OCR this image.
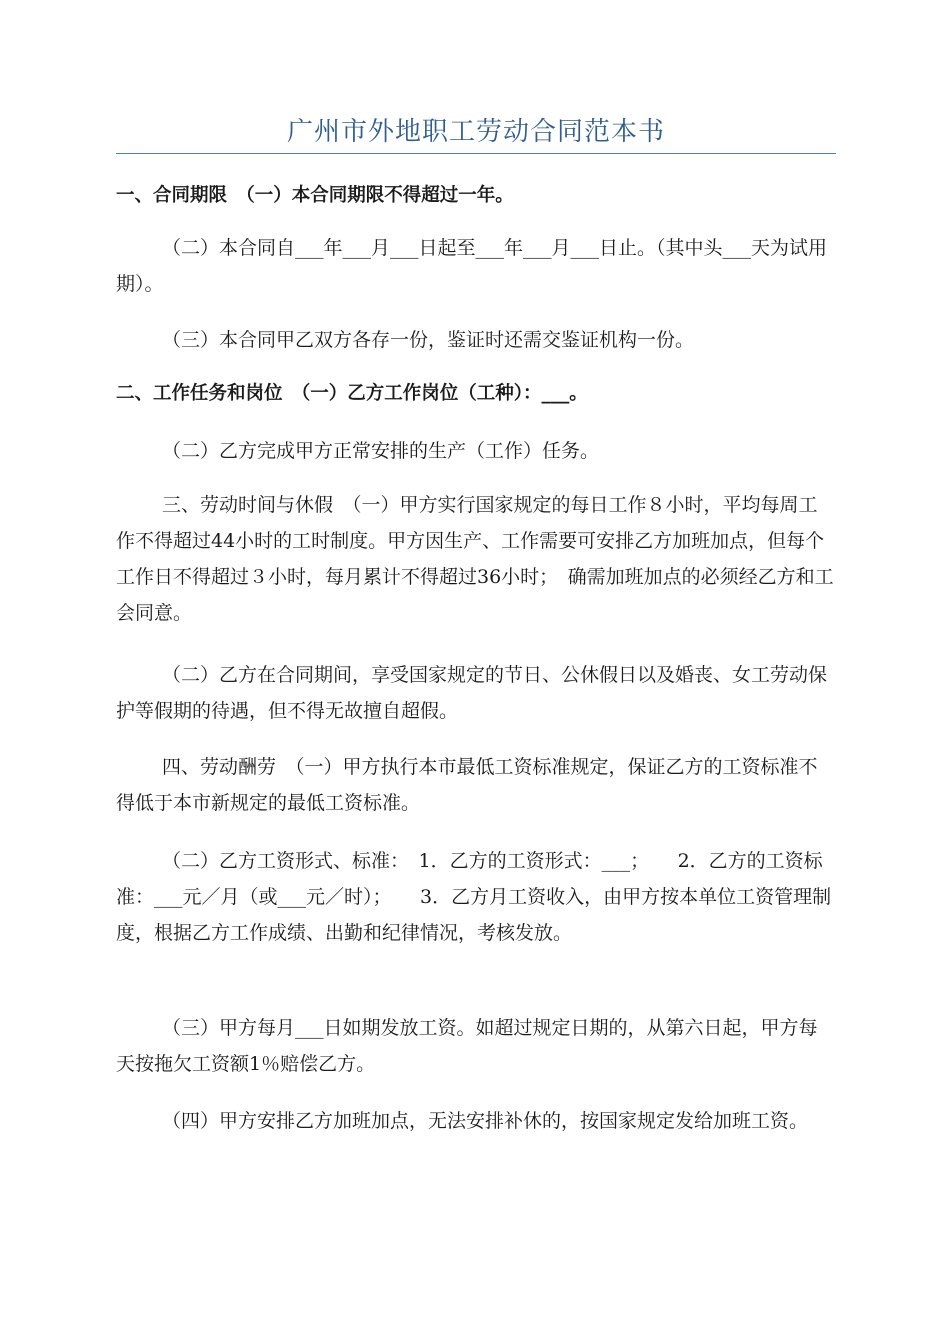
广州市外地职工劳动合同范本书

一、合同期限　（一）本合同期限不得超过一年。

（二）本合同自___年___月___日起至___年___月___日止。（其中头___天为试用期）。

（三）本合同甲乙双方各存一份，鉴证时还需交鉴证机构一份。

二、工作任务和岗位　（一）乙方工作岗位（工种）：___。

（二）乙方完成甲方正常安排的生产（工作）任务。

三、劳动时间与休假　（一）甲方实行国家规定的每日工作８小时，平均每周工作不得超过44小时的工时制度。甲方因生产、工作需要可安排乙方加班加点，但每个工作日不得超过３小时，每月累计不得超过36小时；　确需加班加点的必须经乙方和工会同意。

（二）乙方在合同期间，享受国家规定的节日、公休假日以及婚丧、女工劳动保护等假期的待遇，但不得无故擅自超假。

四、劳动酬劳　（一）甲方执行本市最低工资标准规定，保证乙方的工资标准不得低于本市新规定的最低工资标准。

（二）乙方工资形式、标准：　1．乙方的工资形式：___；　　2．乙方的工资标准：___元／月（或___元／时）；　　3．乙方月工资收入，由甲方按本单位工资管理制度，根据乙方工作成绩、出勤和纪律情况，考核发放。

（三）甲方每月___日如期发放工资。如超过规定日期的，从第六日起，甲方每天按拖欠工资额1％赔偿乙方。

（四）甲方安排乙方加班加点，无法安排补休的，按国家规定发给加班工资。
